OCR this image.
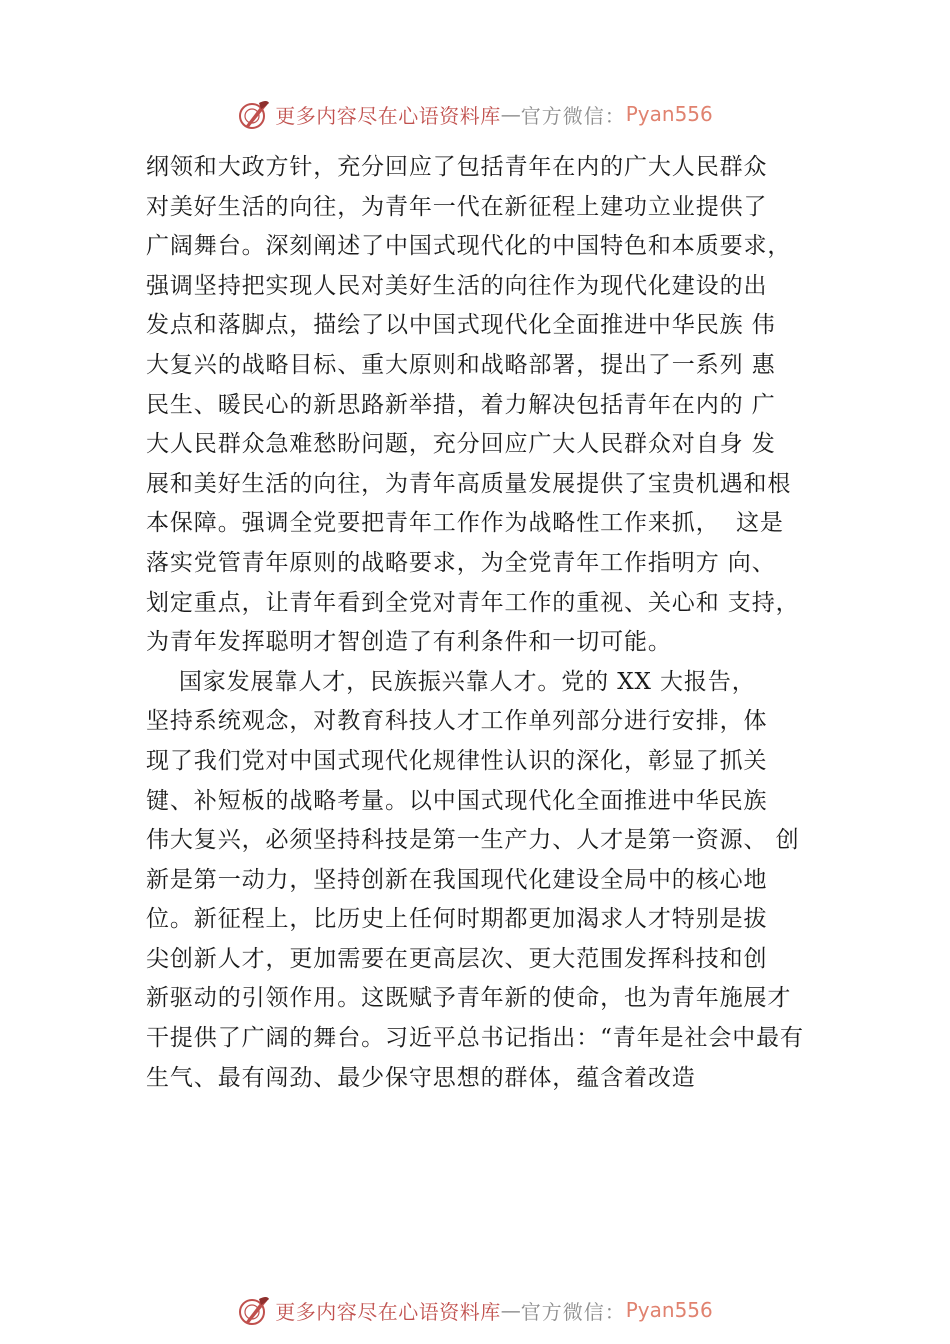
更多内容尽在心语资料库 — 官方微信： Pyan556
纲领和大政方针，充分回应了包括青年在内的广大人民群众
对美好生活的向往，为青年一代在新征程上建功立业提供了
广阔舞台。深刻阐述了中国式现代化的中国特色和本质要求，
强调坚持把实现人民对美好生活的向往作为现代化建设的出
发点和落脚点，描绘了以中国式现代化全面推进中华民族 伟
大复兴的战略目标、重大原则和战略部署，提出了一系列 惠
民生、暖民心的新思路新举措，着力解决包括青年在内的 广
大人民群众急难愁盼问题，充分回应广大人民群众对自身 发
展和美好生活的向往，为青年高质量发展提供了宝贵机遇和根
本保障。强调全党要把青年工作作为战略性工作来抓，  这是
落实党管青年原则的战略要求，为全党青年工作指明方 向、
划定重点，让青年看到全党对青年工作的重视、关心和 支持，
为青年发挥聪明才智创造了有利条件和一切可能。
国家发展靠人才，民族振兴靠人才。党的 XX 大报告，
坚持系统观念，对教育科技人才工作单列部分进行安排，体
现了我们党对中国式现代化规律性认识的深化，彰显了抓关
键、补短板的战略考量。以中国式现代化全面推进中华民族
伟大复兴，必须坚持科技是第一生产力、人才是第一资源、 创
新是第一动力，坚持创新在我国现代化建设全局中的核心地
位。新征程上，比历史上任何时期都更加渴求人才特别是拔
尖创新人才，更加需要在更高层次、更大范围发挥科技和创
新驱动的引领作用。这既赋予青年新的使命，也为青年施展才
干提供了广阔的舞台。习近平总书记指出：“青年是社会中最有
生气、最有闯劲、最少保守思想的群体，蕴含着改造
更多内容尽在心语资料库 — 官方微信： Pyan556
